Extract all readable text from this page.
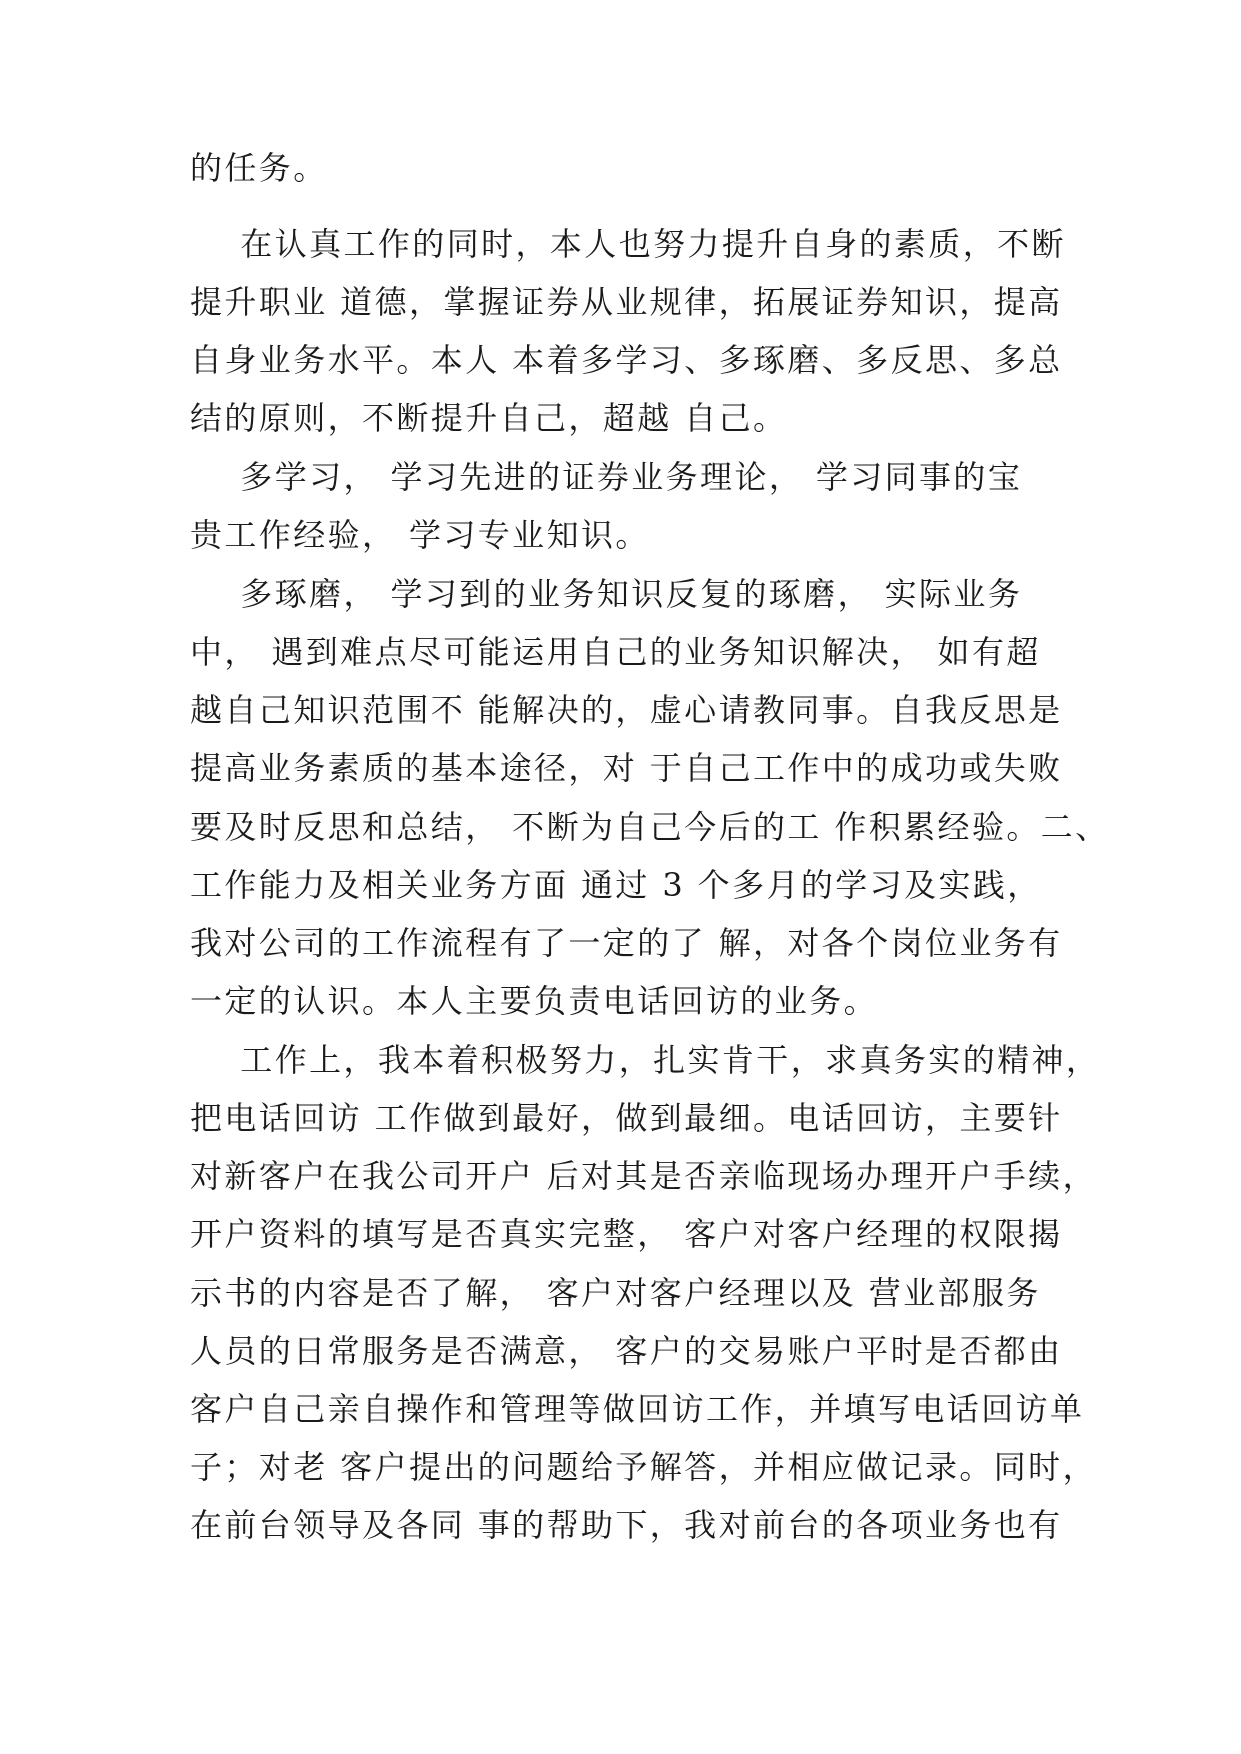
的任务。
在认真工作的同时，本人也努力提升自身的素质，不断
提升职业 道德，掌握证券从业规律，拓展证券知识，提高
自身业务水平。本人 本着多学习、多琢磨、多反思、多总
结的原则，不断提升自己，超越 自己。
多学习， 学习先进的证券业务理论， 学习同事的宝
贵工作经验， 学习专业知识。
多琢磨， 学习到的业务知识反复的琢磨， 实际业务
中， 遇到难点尽可能运用自己的业务知识解决， 如有超
越自己知识范围不 能解决的，虚心请教同事。自我反思是
提高业务素质的基本途径，对 于自己工作中的成功或失败
要及时反思和总结， 不断为自己今后的工 作积累经验。二、
工作能力及相关业务方面 通过 3 个多月的学习及实践，
我对公司的工作流程有了一定的了 解，对各个岗位业务有
一定的认识。本人主要负责电话回访的业务。
工作上，我本着积极努力，扎实肯干，求真务实的精神，
把电话回访 工作做到最好，做到最细。电话回访，主要针
对新客户在我公司开户 后对其是否亲临现场办理开户手续，
开户资料的填写是否真实完整， 客户对客户经理的权限揭
示书的内容是否了解， 客户对客户经理以及 营业部服务
人员的日常服务是否满意， 客户的交易账户平时是否都由
客户自己亲自操作和管理等做回访工作，并填写电话回访单
子；对老 客户提出的问题给予解答，并相应做记录。同时，
在前台领导及各同 事的帮助下，我对前台的各项业务也有
